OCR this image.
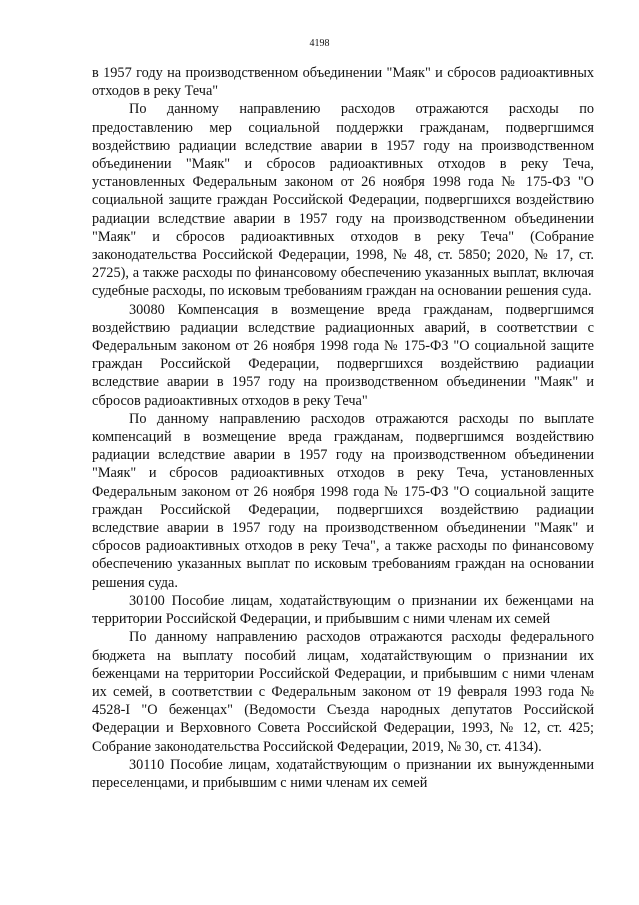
4198

в 1957 году на производственном объединении "Маяк" и сбросов радиоактивных отходов в реку Теча"

По данному направлению расходов отражаются расходы по предоставлению мер социальной поддержки гражданам, подвергшимся воздействию радиации вследствие аварии в 1957 году на производственном объединении "Маяк" и сбросов радиоактивных отходов в реку Теча, установленных Федеральным законом от 26 ноября 1998 года № 175-ФЗ "О социальной защите граждан Российской Федерации, подвергшихся воздействию радиации вследствие аварии в 1957 году на производственном объединении "Маяк" и сбросов радиоактивных отходов в реку Теча" (Собрание законодательства Российской Федерации, 1998, № 48, ст. 5850; 2020, № 17, ст. 2725), а также расходы по финансовому обеспечению указанных выплат, включая судебные расходы, по исковым требованиям граждан на основании решения суда.

30080 Компенсация в возмещение вреда гражданам, подвергшимся воздействию радиации вследствие радиационных аварий, в соответствии с Федеральным законом от 26 ноября 1998 года № 175-ФЗ "О социальной защите граждан Российской Федерации, подвергшихся воздействию радиации вследствие аварии в 1957 году на производственном объединении "Маяк" и сбросов радиоактивных отходов в реку Теча"

По данному направлению расходов отражаются расходы по выплате компенсаций в возмещение вреда гражданам, подвергшимся воздействию радиации вследствие аварии в 1957 году на производственном объединении "Маяк" и сбросов радиоактивных отходов в реку Теча, установленных Федеральным законом от 26 ноября 1998 года № 175-ФЗ "О социальной защите граждан Российской Федерации, подвергшихся воздействию радиации вследствие аварии в 1957 году на производственном объединении "Маяк" и сбросов радиоактивных отходов в реку Теча", а также расходы по финансовому обеспечению указанных выплат по исковым требованиям граждан на основании решения суда.

30100 Пособие лицам, ходатайствующим о признании их беженцами на территории Российской Федерации, и прибывшим с ними членам их семей

По данному направлению расходов отражаются расходы федерального бюджета на выплату пособий лицам, ходатайствующим о признании их беженцами на территории Российской Федерации, и прибывшим с ними членам их семей, в соответствии с Федеральным законом от 19 февраля 1993 года № 4528-I "О беженцах" (Ведомости Съезда народных депутатов Российской Федерации и Верховного Совета Российской Федерации, 1993, № 12, ст. 425; Собрание законодательства Российской Федерации, 2019, № 30, ст. 4134).

30110 Пособие лицам, ходатайствующим о признании их вынужденными переселенцами, и прибывшим с ними членам их семей
